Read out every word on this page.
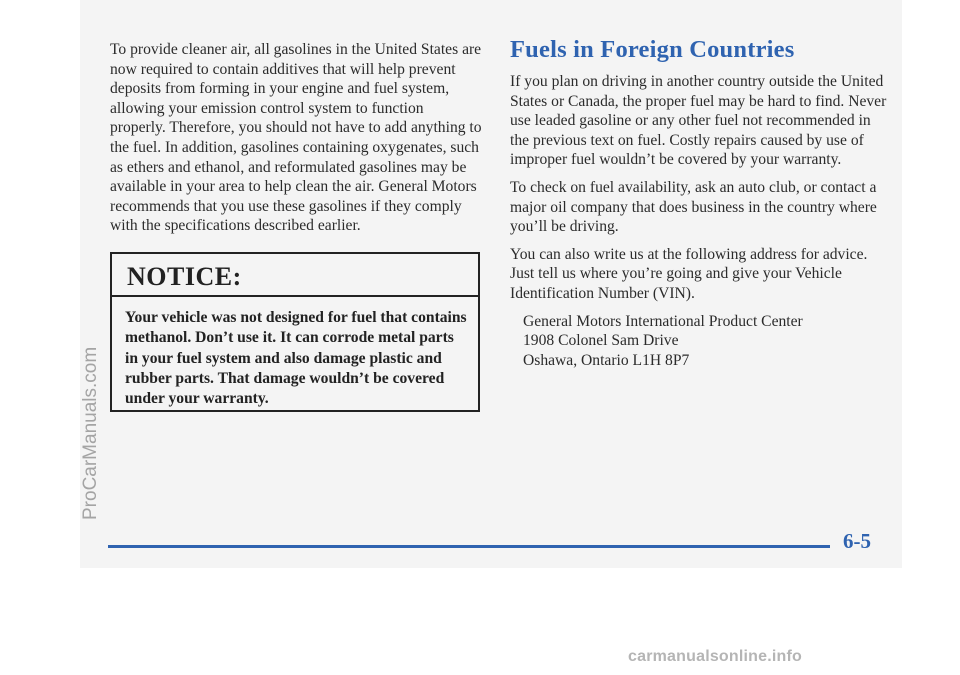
To provide cleaner air, all gasolines in the United States are now required to contain additives that will help prevent deposits from forming in your engine and fuel system, allowing your emission control system to function properly. Therefore, you should not have to add anything to the fuel. In addition, gasolines containing oxygenates, such as ethers and ethanol, and reformulated gasolines may be available in your area to help clean the air. General Motors recommends that you use these gasolines if they comply with the specifications described earlier.

NOTICE:
Your vehicle was not designed for fuel that contains methanol. Don’t use it. It can corrode metal parts in your fuel system and also damage plastic and rubber parts. That damage wouldn’t be covered under your warranty.
Fuels in Foreign Countries

If you plan on driving in another country outside the United States or Canada, the proper fuel may be hard to find. Never use leaded gasoline or any other fuel not recommended in the previous text on fuel. Costly repairs caused by use of improper fuel wouldn’t be covered by your warranty.

To check on fuel availability, ask an auto club, or contact a major oil company that does business in the country where you’ll be driving.

You can also write us at the following address for advice. Just tell us where you’re going and give your Vehicle Identification Number (VIN).

General Motors International Product Center
1908 Colonel Sam Drive
Oshawa, Ontario L1H 8P7
6-5
ProCarManuals.com
carmanualsonline.info
